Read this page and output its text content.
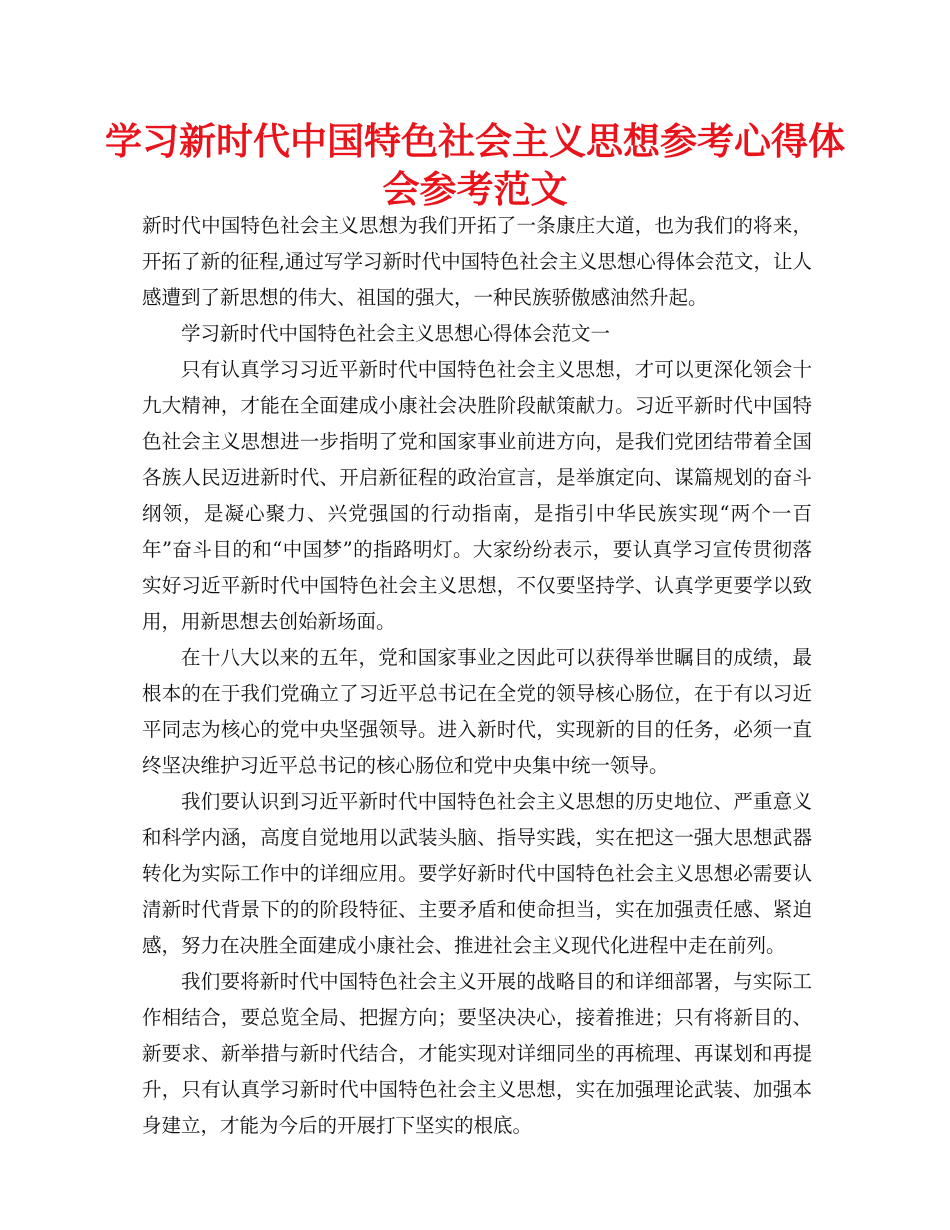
学习新时代中国特色社会主义思想参考心得体会参考范文

新时代中国特色社会主义思想为我们开拓了一条康庄大道，也为我们的将来，开拓了新的征程,通过写学习新时代中国特色社会主义思想心得体会范文，让人感遭到了新思想的伟大、祖国的强大，一种民族骄傲感油然升起。

学习新时代中国特色社会主义思想心得体会范文一

只有认真学习习近平新时代中国特色社会主义思想，才可以更深化领会十九大精神，才能在全面建成小康社会决胜阶段献策献力。习近平新时代中国特色社会主义思想进一步指明了党和国家事业前进方向，是我们党团结带着全国各族人民迈进新时代、开启新征程的政治宣言，是举旗定向、谋篇规划的奋斗纲领，是凝心聚力、兴党强国的行动指南，是指引中华民族实现“两个一百年”奋斗目的和“中国梦”的指路明灯。大家纷纷表示，要认真学习宣传贯彻落实好习近平新时代中国特色社会主义思想，不仅要坚持学、认真学更要学以致用，用新思想去创始新场面。

在十八大以来的五年，党和国家事业之因此可以获得举世瞩目的成绩，最根本的在于我们党确立了习近平总书记在全党的领导核心肠位，在于有以习近平同志为核心的党中央坚强领导。进入新时代，实现新的目的任务，必须一直终坚决维护习近平总书记的核心肠位和党中央集中统一领导。

我们要认识到习近平新时代中国特色社会主义思想的历史地位、严重意义和科学内涵，高度自觉地用以武装头脑、指导实践，实在把这一强大思想武器转化为实际工作中的详细应用。要学好新时代中国特色社会主义思想必需要认清新时代背景下的的阶段特征、主要矛盾和使命担当，实在加强责任感、紧迫感，努力在决胜全面建成小康社会、推进社会主义现代化进程中走在前列。

我们要将新时代中国特色社会主义开展的战略目的和详细部署，与实际工作相结合，要总览全局、把握方向；要坚决决心，接着推进；只有将新目的、新要求、新举措与新时代结合，才能实现对详细同坐的再梳理、再谋划和再提升，只有认真学习新时代中国特色社会主义思想，实在加强理论武装、加强本身建立，才能为今后的开展打下坚实的根底。
